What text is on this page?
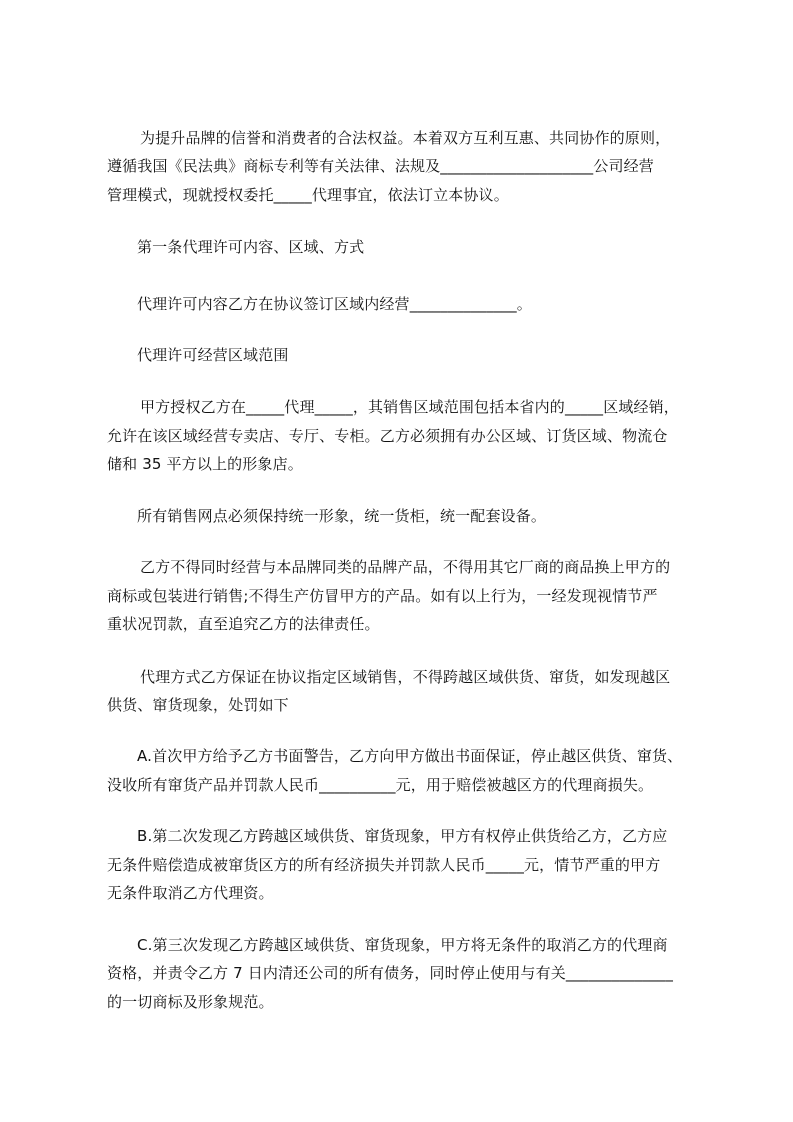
为提升品牌的信誉和消费者的合法权益。本着双方互利互惠、共同协作的原则，
遵循我国《民法典》商标专利等有关法律、法规及____________________公司经营
管理模式，现就授权委托_____代理事宜，依法订立本协议。
第一条代理许可内容、区域、方式
代理许可内容乙方在协议签订区域内经营______________。
代理许可经营区域范围
甲方授权乙方在_____代理_____，其销售区域范围包括本省内的_____区域经销，
允许在该区域经营专卖店、专厅、专柜。乙方必须拥有办公区域、订货区域、物流仓
储和 35 平方以上的形象店。
所有销售网点必须保持统一形象，统一货柜，统一配套设备。
乙方不得同时经营与本品牌同类的品牌产品，不得用其它厂商的商品换上甲方的
商标或包装进行销售;不得生产仿冒甲方的产品。如有以上行为，一经发现视情节严
重状况罚款，直至追究乙方的法律责任。
代理方式乙方保证在协议指定区域销售，不得跨越区域供货、窜货，如发现越区
供货、窜货现象，处罚如下
A.首次甲方给予乙方书面警告，乙方向甲方做出书面保证，停止越区供货、窜货、
没收所有窜货产品并罚款人民币__________元，用于赔偿被越区方的代理商损失。
B.第二次发现乙方跨越区域供货、窜货现象，甲方有权停止供货给乙方，乙方应
无条件赔偿造成被窜货区方的所有经济损失并罚款人民币_____元，情节严重的甲方
无条件取消乙方代理资。
C.第三次发现乙方跨越区域供货、窜货现象，甲方将无条件的取消乙方的代理商
资格，并责令乙方 7 日内清还公司的所有债务，同时停止使用与有关______________
的一切商标及形象规范。
